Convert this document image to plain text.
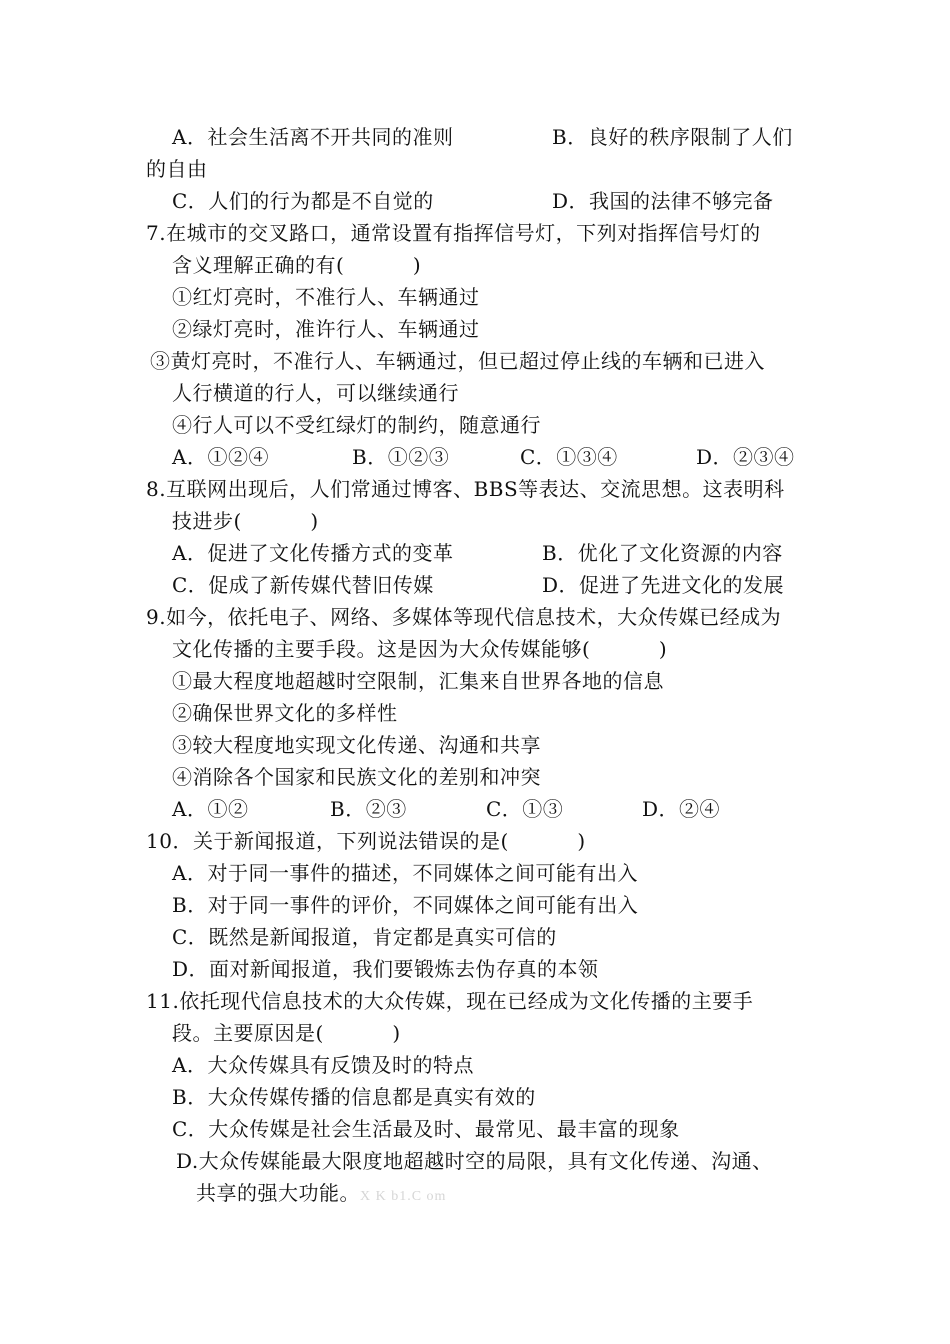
A．社会生活离不开共同的准则	B．良好的秩序限制了人们
的自由
C．人们的行为都是不自觉的	D．我国的法律不够完备
7.在城市的交叉路口，通常设置有指挥信号灯，下列对指挥信号灯的
含义理解正确的有(          )
①红灯亮时，不准行人、车辆通过
②绿灯亮时，准许行人、车辆通过
③黄灯亮时，不准行人、车辆通过，但已超过停止线的车辆和已进入
人行横道的行人，可以继续通行
④行人可以不受红绿灯的制约，随意通行
A．①②④	B．①②③	C．①③④	D．②③④
8.互联网出现后，人们常通过博客、BBS等表达、交流思想。这表明科
技进步(          )
A．促进了文化传播方式的变革	B．优化了文化资源的内容
C．促成了新传媒代替旧传媒	D．促进了先进文化的发展
9.如今，依托电子、网络、多媒体等现代信息技术，大众传媒已经成为
文化传播的主要手段。这是因为大众传媒能够(          )
①最大程度地超越时空限制，汇集来自世界各地的信息
②确保世界文化的多样性
③较大程度地实现文化传递、沟通和共享
④消除各个国家和民族文化的差别和冲突
A．①②	B．②③	C．①③	D．②④
10．关于新闻报道，下列说法错误的是(          )
A．对于同一事件的描述，不同媒体之间可能有出入
B．对于同一事件的评价，不同媒体之间可能有出入
C．既然是新闻报道，肯定都是真实可信的
D．面对新闻报道，我们要锻炼去伪存真的本领
11.依托现代信息技术的大众传媒，现在已经成为文化传播的主要手
段。主要原因是(          )
A．大众传媒具有反馈及时的特点
B．大众传媒传播的信息都是真实有效的
C．大众传媒是社会生活最及时、最常见、最丰富的现象
D.大众传媒能最大限度地超越时空的局限，具有文化传递、沟通、
共享的强大功能。X K b1.C om
